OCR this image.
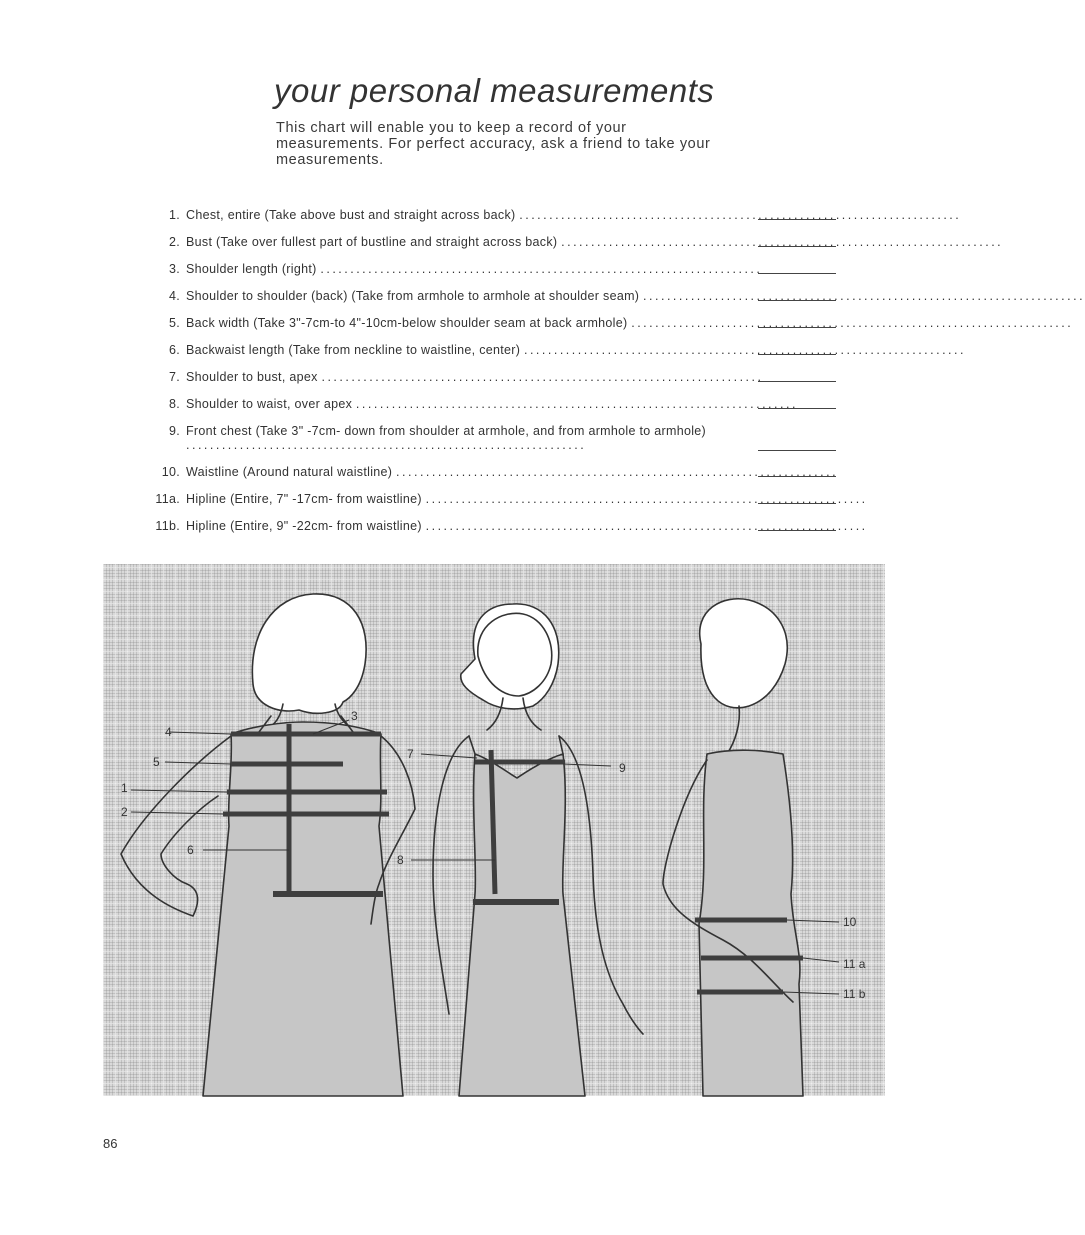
your personal measurements
This chart will enable you to keep a record of your measurements. For perfect accuracy, ask a friend to take your measurements.
1. Chest, entire (Take above bust and straight across back) ..........................................................................
2. Bust (Take over fullest part of bustline and straight across back) ..........................................................................
3. Shoulder length (right) ..........................................................................
4. Shoulder to shoulder (back) (Take from armhole to armhole at shoulder seam) ..........................................................................
5. Back width (Take 3"-7cm-to 4"-10cm-below shoulder seam at back armhole) ..........................................................................
6. Backwaist length (Take from neckline to waistline, center) ..........................................................................
7. Shoulder to bust, apex ..........................................................................
8. Shoulder to waist, over apex ..........................................................................
9. Front chest (Take 3" -7cm- down from shoulder at armhole, and from armhole to armhole) ...................................................................
10. Waistline (Around natural waistline) ..........................................................................
11a. Hipline (Entire, 7" -17cm- from waistline) ..........................................................................
11b. Hipline (Entire, 9" -22cm- from waistline) ..........................................................................
4
5
1
2
3
6
7
8
9
10
11 a
11 b
86
